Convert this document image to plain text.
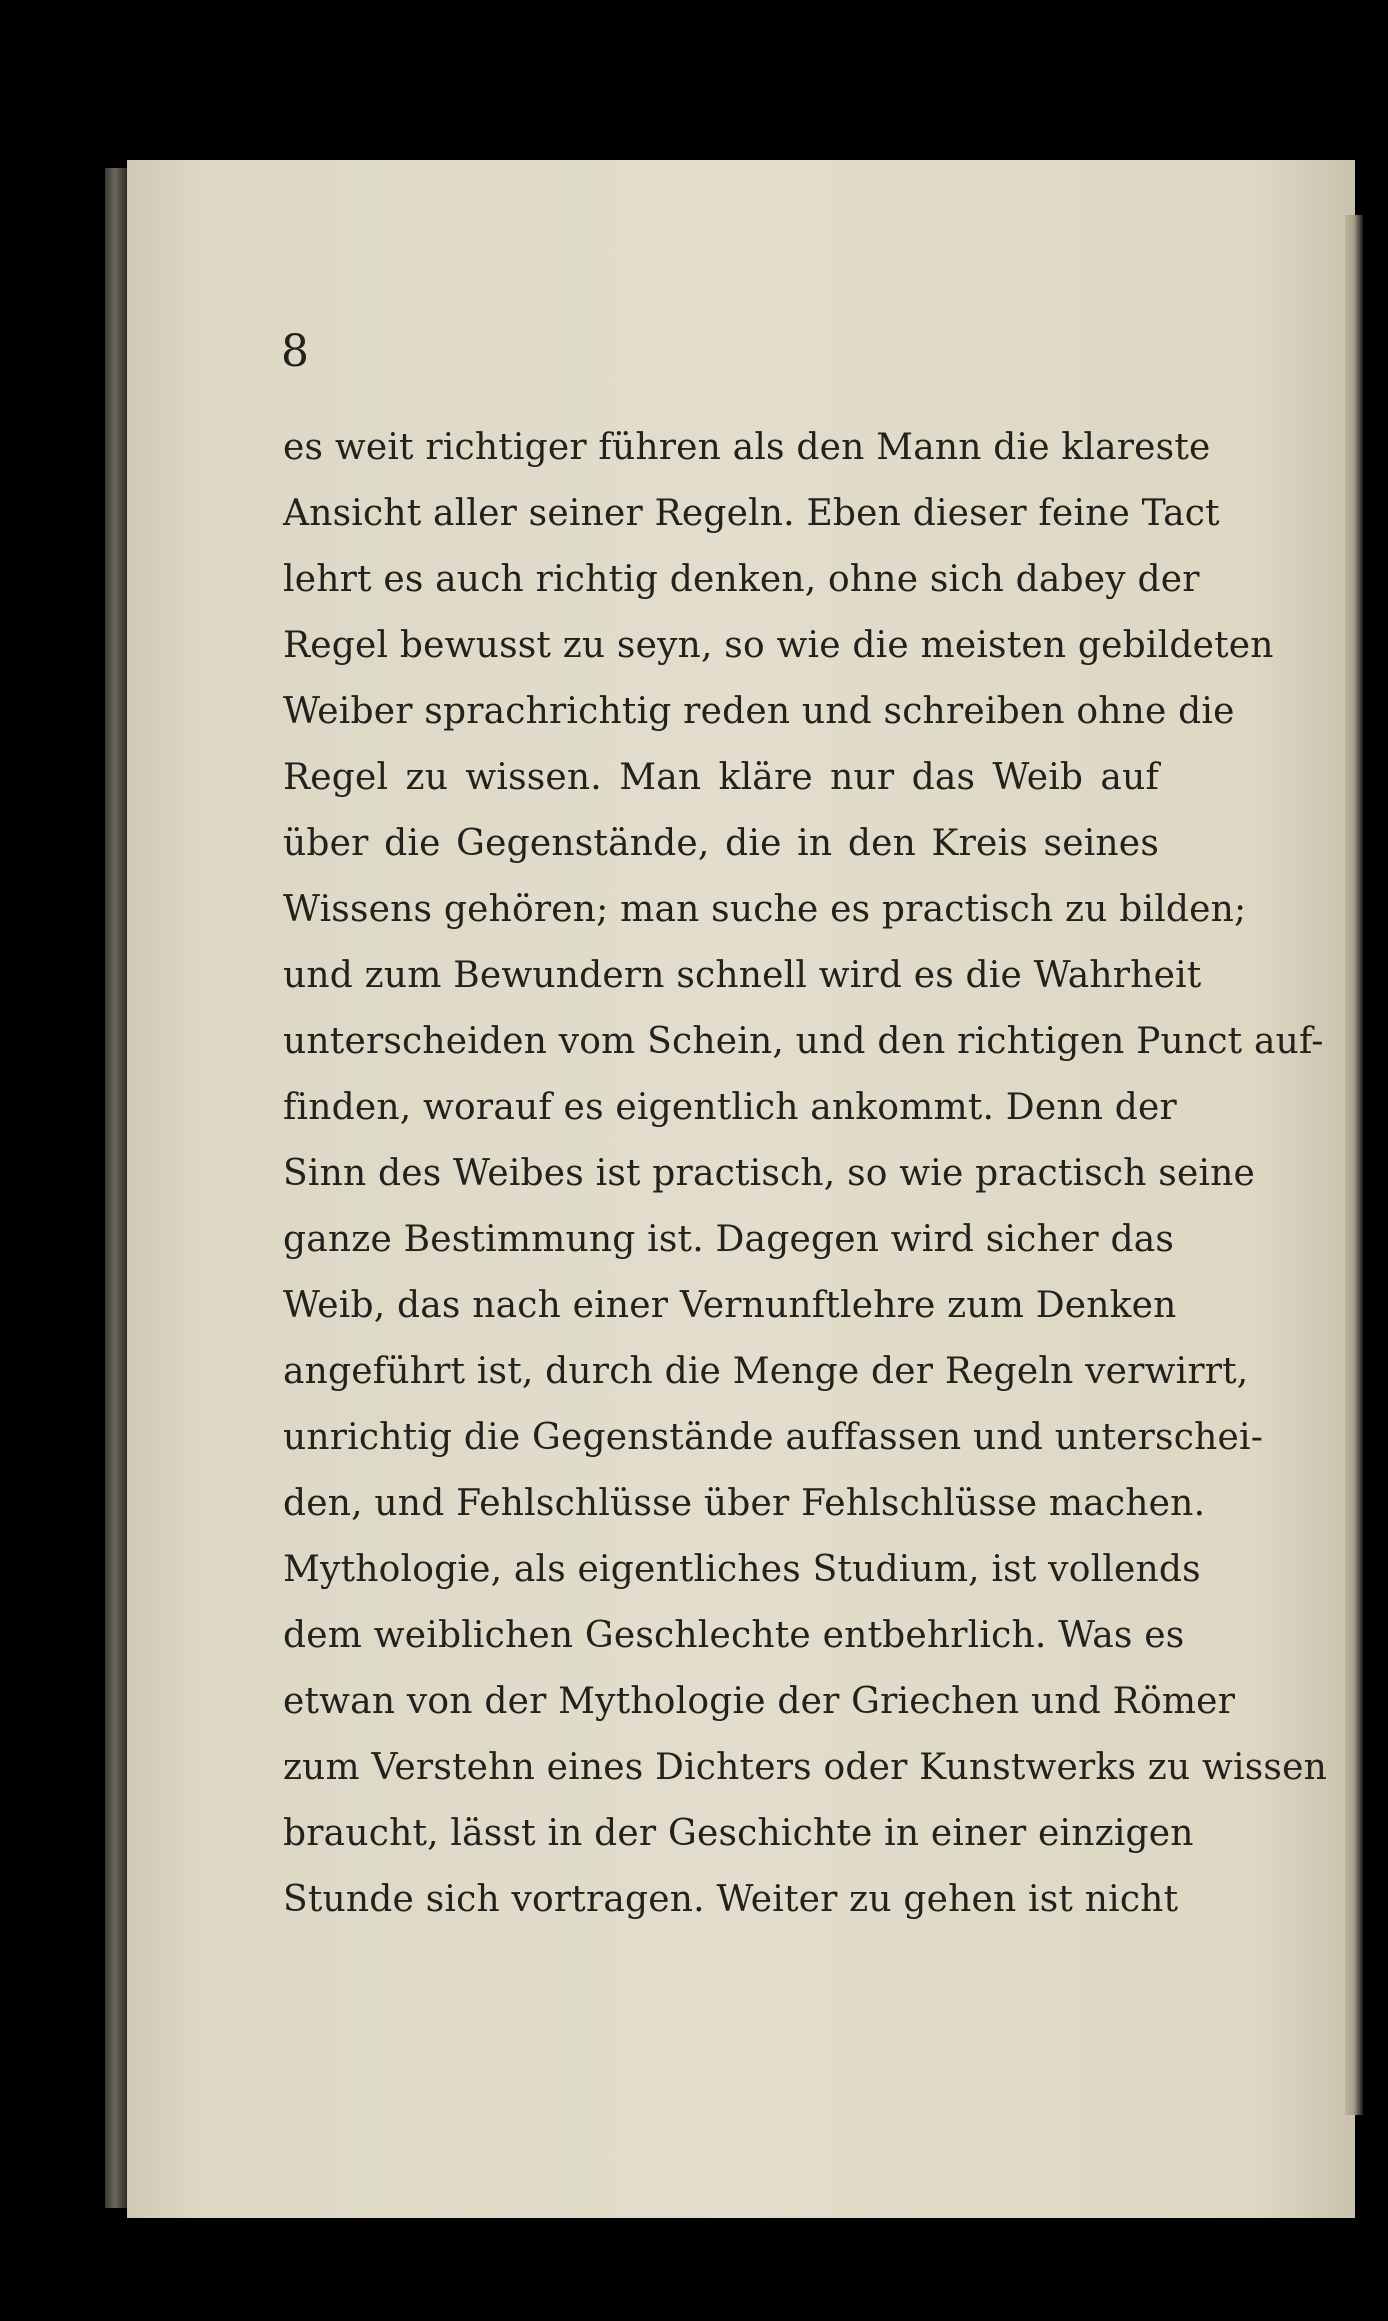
8
es weit richtiger führen als den Mann die klareste
Ansicht aller seiner Regeln. Eben dieser feine Tact
lehrt es auch richtig denken, ohne sich dabey der
Regel bewusst zu seyn, so wie die meisten gebildeten
Weiber sprachrichtig reden und schreiben ohne die
Regel zu wissen. Man kläre nur das Weib auf
über die Gegenstände, die in den Kreis seines
Wissens gehören; man suche es practisch zu bilden;
und zum Bewundern schnell wird es die Wahrheit
unterscheiden vom Schein, und den richtigen Punct auf-
finden, worauf es eigentlich ankommt. Denn der
Sinn des Weibes ist practisch, so wie practisch seine
ganze Bestimmung ist. Dagegen wird sicher das
Weib, das nach einer Vernunftlehre zum Denken
angeführt ist, durch die Menge der Regeln verwirrt,
unrichtig die Gegenstände auffassen und unterschei-
den, und Fehlschlüsse über Fehlschlüsse machen.
Mythologie, als eigentliches Studium, ist vollends
dem weiblichen Geschlechte entbehrlich. Was es
etwan von der Mythologie der Griechen und Römer
zum Verstehn eines Dichters oder Kunstwerks zu wissen
braucht, lässt in der Geschichte in einer einzigen
Stunde sich vortragen. Weiter zu gehen ist nicht
